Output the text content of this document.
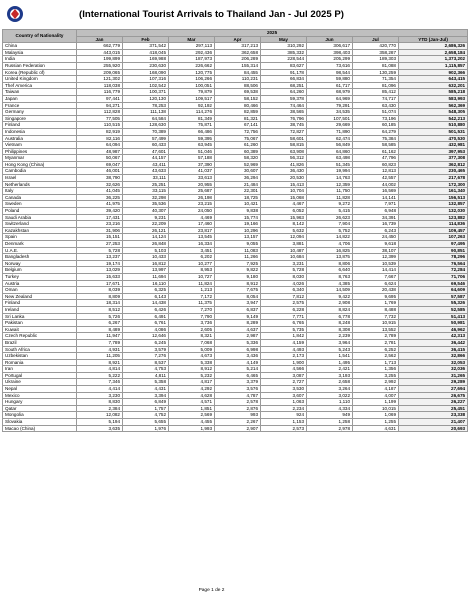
(International Tourist Arrivals to Thailand Jan - Jul 2025 P)
Country of Nationality	2025							
	Jan	Feb	Mar	Apr	May	Jun	Jul	YTD (Jan-Jul)
China	662,779	371,542	297,113	317,213	310,292	306,617	420,770	2,686,326
Malaysia	443,015	418,045	292,436	362,658	385,332	398,403	358,287	2,658,184
India	199,899	169,988	187,973	206,289	228,544	205,299	189,303	1,373,202
Russian Federation	255,920	230,630	226,662	155,314	83,627	73,616	81,088	1,115,857
Korea (Republic of)	209,065	168,090	120,775	84,455	91,178	98,544	130,259	902,366
United Kingdom	121,302	107,316	106,266	110,231	66,834	59,880	71,354	643,415
Thef America	118,038	102,542	100,051	88,506	68,251	61,717	81,096	632,201
Taiwan	116,779	100,371	79,879	69,538	64,260	68,979	85,412	585,218
Japan	97,441	120,130	109,517	58,152	59,378	64,969	74,717	583,993
France	94,271	78,253	92,192	80,466	74,464	79,291	63,430	562,369
Germany	112,828	111,138	114,276	82,859	38,565	34,535	51,074	548,305
Singapore	77,505	64,584	81,349	81,321	76,796	107,501	73,196	542,213
Finland	110,515	128,630	75,871	67,141	38,745	29,669	60,185	510,880
Indonesia	82,919	70,389	66,486	72,756	72,827	71,890	64,279	501,531
Australia	82,116	57,499	59,395	75,067	58,601	62,474	75,384	470,530
Vietnam	64,094	60,433	63,945	61,260	58,815	56,849	58,585	432,981
Philippines	48,987	47,601	51,046	60,389	63,908	64,860	61,162	397,953
Myanmar	50,067	44,157	57,188	58,320	56,312	63,498	47,796	377,308
Hong Kong (China)	69,047	43,411	37,390	52,969	41,826	51,345	60,823	362,812
Cambodia	46,001	43,633	41,037	30,607	36,430	19,994	12,813	230,465
Israel	38,790	33,111	33,613	36,294	20,530	14,763	42,557	217,678
Netherlands	32,626	25,251	20,955	21,484	15,413	12,359	44,002	172,300
Italy	41,045	33,115	25,687	22,301	10,704	11,750	16,569	161,340
Canada	36,225	32,298	26,198	18,725	15,068	11,828	14,141	156,513
Sweden	41,975	35,536	23,215	10,421	4,467	9,272	7,971	132,857
Poland	39,420	40,307	24,050	9,838	6,052	5,415	6,948	132,030
Saudi Arabia	17,431	9,231	4,469	15,774	15,963	26,623	34,391	123,882
Switzerland	23,216	22,209	17,460	19,166	8,142	7,904	16,739	114,836
Kazakhstan	31,906	26,121	23,817	10,296	5,632	5,752	6,243	109,457
Spain	15,151	14,124	13,545	13,157	12,094	14,822	24,450	107,263
Denmark	27,253	26,848	16,334	9,055	3,881	4,706	9,618	97,495
U.A.E.	5,728	5,103	3,451	11,083	10,487	16,825	38,107	90,851
Bangladesh	13,237	10,433	6,202	11,266	10,684	13,875	12,399	78,296
Norway	19,174	16,812	10,277	7,925	3,231	8,806	10,539	76,564
Belgium	13,029	13,997	8,953	9,822	5,728	6,640	14,414	72,284
Turkey	15,633	11,694	10,727	9,180	8,030	8,763	7,667	71,706
Austria	17,671	16,110	11,824	8,912	4,026	4,385	6,624	69,546
Oman	8,039	6,325	1,213	7,675	6,340	14,509	20,438	64,609
New Zealand	8,809	6,143	7,172	8,054	7,812	9,422	9,695	57,587
Finland	18,314	14,438	11,375	3,947	2,575	2,908	1,769	55,326
Ireland	8,512	6,426	7,270	6,837	6,228	8,824	8,488	52,585
Sri Lanka	5,726	6,491	7,790	9,149	7,771	6,778	7,732	51,413
Pakistan	6,267	6,761	3,736	8,289	6,765	8,248	10,915	50,981
Kuwait	8,489	4,086	2,605	4,637	5,735	8,308	13,552	46,962
Czech Republic	11,947	12,646	8,321	2,987	1,842	2,239	2,789	42,313
Brazil	7,789	6,245	7,068	5,336	4,159	3,964	2,781	36,442
South Africa	4,931	3,579	5,009	6,998	4,493	5,243	6,252	36,415
Uzbekistan	11,205	7,276	4,673	3,436	2,173	1,541	2,562	32,866
Romania	8,921	8,537	5,338	4,149	1,900	1,495	1,713	32,053
Iran	4,814	4,753	8,912	5,214	4,566	2,421	1,356	32,036
Portugal	5,222	4,811	5,232	6,465	3,087	3,193	3,255	31,265
Ukraine	7,346	5,358	4,817	3,379	2,727	2,658	2,992	29,289
Nepal	4,414	4,431	4,292	3,576	3,530	3,264	4,187	27,694
Mexico	3,230	3,394	4,628	4,787	3,607	3,022	4,007	26,675
Hungary	8,830	6,849	4,571	2,578	1,063	1,110	1,199	26,227
Qatar	2,384	1,757	1,851	2,876	2,234	4,334	10,015	25,451
Mongolia	12,082	4,752	2,569	993	924	949	1,069	23,338
Slovakia	5,194	5,655	4,455	2,267	1,153	1,258	1,255	21,407
Macao (China)	3,635	1,976	1,993	2,907	2,573	2,978	4,631	20,693
Page 1 de 2
